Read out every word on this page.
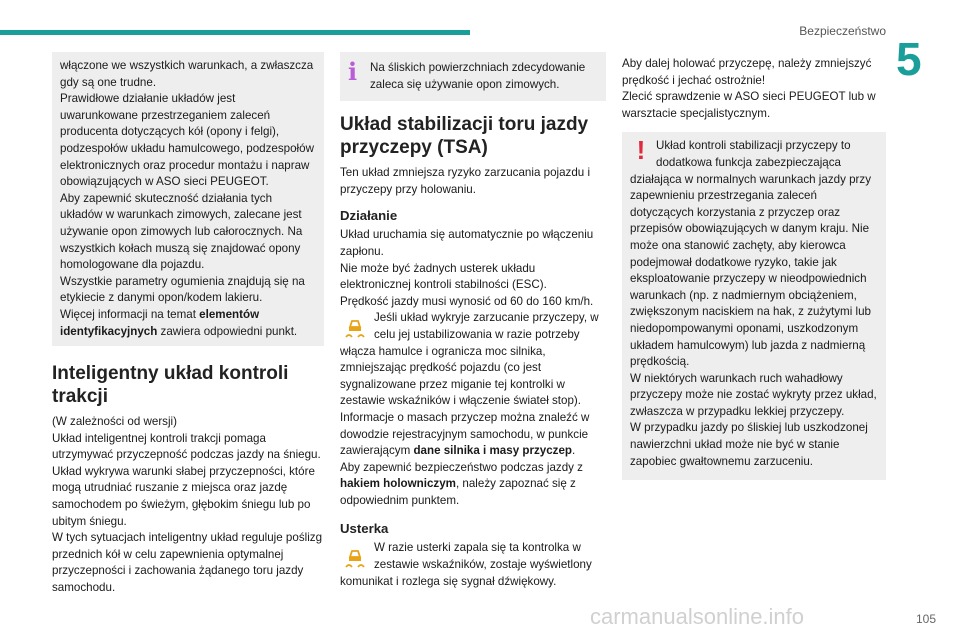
Bezpieczeństwo
5

włączone we wszystkich warunkach, a zwłaszcza gdy są one trudne.
Prawidłowe działanie układów jest uwarunkowane przestrzeganiem zaleceń producenta dotyczących kół (opony i felgi), podzespołów układu hamulcowego, podzespołów elektronicznych oraz procedur montażu i napraw obowiązujących w ASO sieci PEUGEOT.
Aby zapewnić skuteczność działania tych układów w warunkach zimowych, zalecane jest używanie opon zimowych lub całorocznych. Na wszystkich kołach muszą się znajdować opony homologowane dla pojazdu.
Wszystkie parametry ogumienia znajdują się na etykiecie z danymi opon/kodem lakieru.
Więcej informacji na temat elementów identyfikacyjnych zawiera odpowiedni punkt.

Inteligentny układ kontroli trakcji

(W zależności od wersji)
Układ inteligentnej kontroli trakcji pomaga utrzymywać przyczepność podczas jazdy na śniegu.
Układ wykrywa warunki słabej przyczepności, które mogą utrudniać ruszanie z miejsca oraz jazdę samochodem po świeżym, głębokim śniegu lub po ubitym śniegu.
W tych sytuacjach inteligentny układ reguluje poślizg przednich kół w celu zapewnienia optymalnej przyczepności i zachowania żądanego toru jazdy samochodu.

i	Na śliskich powierzchniach zdecydowanie zaleca się używanie opon zimowych.

Układ stabilizacji toru jazdy przyczepy (TSA)

Ten układ zmniejsza ryzyko zarzucania pojazdu i przyczepy przy holowaniu.

Działanie

Układ uruchamia się automatycznie po włączeniu zapłonu.
Nie może być żadnych usterek układu elektronicznej kontroli stabilności (ESC).
Prędkość jazdy musi wynosić od 60 do 160 km/h.

Jeśli układ wykryje zarzucanie przyczepy, w celu jej ustabilizowania w razie potrzeby włącza hamulce i ogranicza moc silnika, zmniejszając prędkość pojazdu (co jest sygnalizowane przez miganie tej kontrolki w zestawie wskaźników i włączenie świateł stop).
Informacje o masach przyczep można znaleźć w dowodzie rejestracyjnym samochodu, w punkcie zawierającym dane silnika i masy przyczep.
Aby zapewnić bezpieczeństwo podczas jazdy z hakiem holowniczym, należy zapoznać się z odpowiednim punktem.

Usterka

W razie usterki zapala się ta kontrolka w zestawie wskaźników, zostaje wyświetlony komunikat i rozlega się sygnał dźwiękowy.

Aby dalej holować przyczepę, należy zmniejszyć prędkość i jechać ostrożnie!
Zlecić sprawdzenie w ASO sieci PEUGEOT lub w warsztacie specjalistycznym.

! Układ kontroli stabilizacji przyczepy to dodatkowa funkcja zabezpieczająca działająca w normalnych warunkach jazdy przy zapewnieniu przestrzegania zaleceń dotyczących korzystania z przyczep oraz przepisów obowiązujących w danym kraju. Nie może ona stanowić zachęty, aby kierowca podejmował dodatkowe ryzyko, takie jak eksploatowanie przyczepy w nieodpowiednich warunkach (np. z nadmiernym obciążeniem, zwiększonym naciskiem na hak, z zużytymi lub niedopompowanymi oponami, uszkodzonym układem hamulcowym) lub jazda z nadmierną prędkością.
W niektórych warunkach ruch wahadłowy przyczepy może nie zostać wykryty przez układ, zwłaszcza w przypadku lekkiej przyczepy.
W przypadku jazdy po śliskiej lub uszkodzonej nawierzchni układ może nie być w stanie zapobiec gwałtownemu zarzuceniu.

carmanualsonline.info	105
